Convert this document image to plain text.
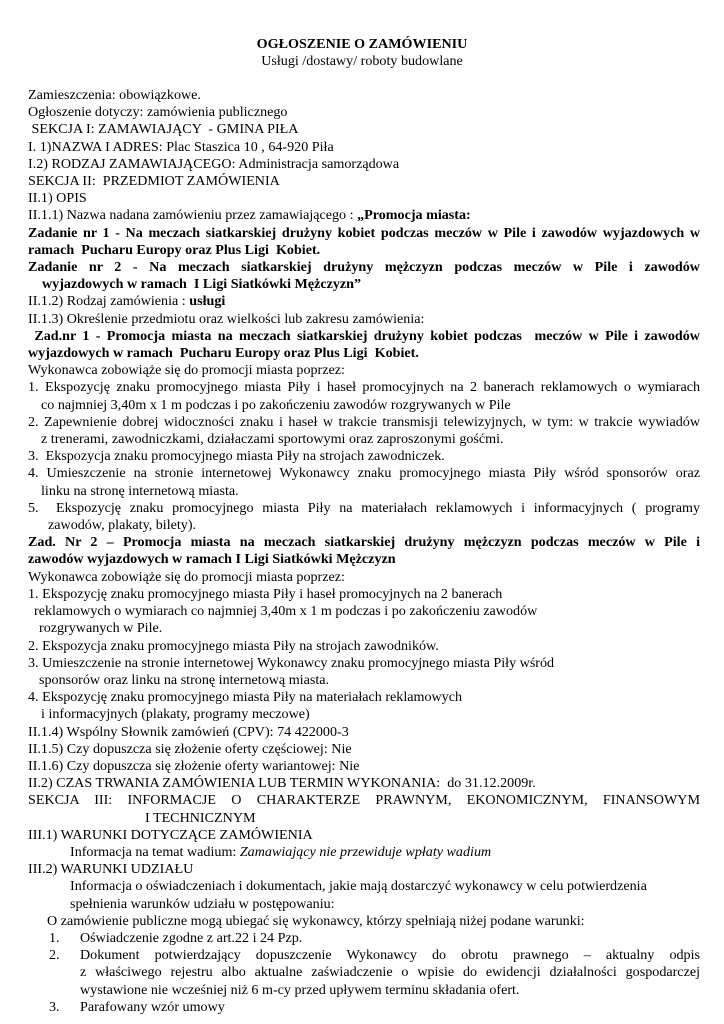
OGŁOSZENIE O ZAMÓWIENIU
Usługi /dostawy/ roboty budowlane

Zamieszczenia: obowiązkowe.

Ogłoszenie dotyczy: zamówienia publicznego

SEKCJA I: ZAMAWIAJĄCY  - GMINA PIŁA

I. 1)NAZWA I ADRES: Plac Staszica 10 , 64-920 Piła

I.2) RODZAJ ZAMAWIAJĄCEGO: Administracja samorządowa

SEKCJA II:  PRZEDMIOT ZAMÓWIENIA

II.1) OPIS

II.1.1) Nazwa nadana zamówieniu przez zamawiającego : „Promocja miasta:

Zadanie nr 1 - Na meczach siatkarskiej drużyny kobiet podczas meczów w Pile i zawodów wyjazdowych w

ramach  Pucharu Europy oraz Plus Ligi  Kobiet.

Zadanie nr 2 - Na meczach siatkarskiej drużyny mężczyzn podczas meczów w Pile i zawodów

wyjazdowych w ramach  I Ligi Siatkówki Mężczyzn”

II.1.2) Rodzaj zamówienia : usługi

II.1.3) Określenie przedmiotu oraz wielkości lub zakresu zamówienia:

Zad.nr 1 - Promocja miasta na meczach siatkarskiej drużyny kobiet podczas  meczów w Pile i zawodów

wyjazdowych w ramach  Pucharu Europy oraz Plus Ligi  Kobiet.

Wykonawca zobowiąże się do promocji miasta poprzez:

1. Ekspozycję znaku promocyjnego miasta Piły i haseł promocyjnych na 2 banerach reklamowych o wymiarach

co najmniej 3,40m x 1 m podczas i po zakończeniu zawodów rozgrywanych w Pile

2. Zapewnienie dobrej widoczności znaku i haseł w trakcie transmisji telewizyjnych, w tym: w trakcie wywiadów

z trenerami, zawodniczkami, działaczami sportowymi oraz zaproszonymi gośćmi.

3.  Ekspozycja znaku promocyjnego miasta Piły na strojach zawodniczek.

4. Umieszczenie na stronie internetowej Wykonawcy znaku promocyjnego miasta Piły wśród sponsorów oraz

linku na stronę internetową miasta.

5.  Ekspozycję znaku promocyjnego miasta Piły na materiałach reklamowych i informacyjnych ( programy

zawodów, plakaty, bilety).

Zad. Nr 2 – Promocja miasta na meczach siatkarskiej drużyny mężczyzn podczas meczów w Pile i

zawodów wyjazdowych w ramach I Ligi Siatkówki Mężczyzn

Wykonawca zobowiąże się do promocji miasta poprzez:

1. Ekspozycję znaku promocyjnego miasta Piły i haseł promocyjnych na 2 banerach

reklamowych o wymiarach co najmniej 3,40m x 1 m podczas i po zakończeniu zawodów

rozgrywanych w Pile.

2. Ekspozycja znaku promocyjnego miasta Piły na strojach zawodników.

3. Umieszczenie na stronie internetowej Wykonawcy znaku promocyjnego miasta Piły wśród

sponsorów oraz linku na stronę internetową miasta.

4. Ekspozycję znaku promocyjnego miasta Piły na materiałach reklamowych

i informacyjnych (plakaty, programy meczowe)

II.1.4) Wspólny Słownik zamówień (CPV): 74 422000-3

II.1.5) Czy dopuszcza się złożenie oferty częściowej: Nie

II.1.6) Czy dopuszcza się złożenie oferty wariantowej: Nie

II.2) CZAS TRWANIA ZAMÓWIENIA LUB TERMIN WYKONANIA:  do 31.12.2009r.

SEKCJA III: INFORMACJE O CHARAKTERZE PRAWNYM, EKONOMICZNYM, FINANSOWYM

I TECHNICZNYM

III.1) WARUNKI DOTYCZĄCE ZAMÓWIENIA

Informacja na temat wadium: Zamawiający nie przewiduje wpłaty wadium

III.2) WARUNKI UDZIAŁU

Informacja o oświadczeniach i dokumentach, jakie mają dostarczyć wykonawcy w celu potwierdzenia

spełnienia warunków udziału w postępowaniu:

O zamówienie publiczne mogą ubiegać się wykonawcy, którzy spełniają niżej podane warunki:

1.	Oświadczenie zgodne z art.22 i 24 Pzp.
2.	Dokument  potwierdzający  dopuszczenie  Wykonawcy  do  obrotu  prawnego  –  aktualny  odpis

z właściwego rejestru albo aktualne zaświadczenie o wpisie do ewidencji działalności gospodarczej

wystawione nie wcześniej niż 6 m-cy przed upływem terminu składania ofert.

3.	Parafowany wzór umowy
